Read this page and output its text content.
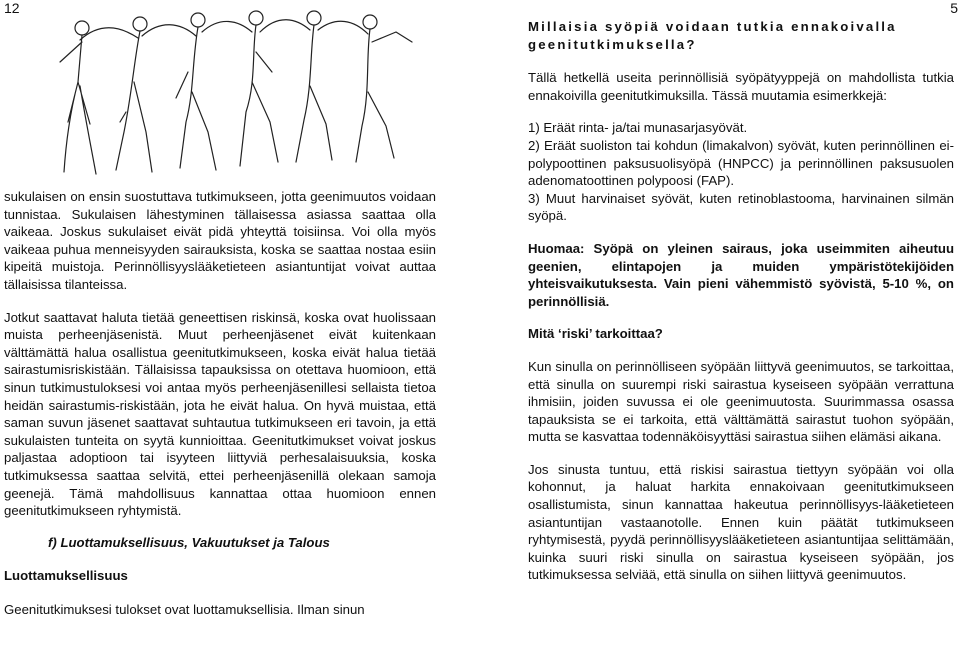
12

sukulaisen on ensin suostuttava tutkimukseen, jotta geenimuutos voidaan tunnistaa. Sukulaisen lähestyminen tällaisessa asiassa saattaa olla vaikeaa. Joskus sukulaiset eivät pidä yhteyttä toisiinsa. Voi olla myös vaikeaa puhua menneisyyden sairauksista, koska se saattaa nostaa esiin kipeitä muistoja. Perinnöllisyyslääketieteen asiantuntijat voivat auttaa tällaisissa tilanteissa.

Jotkut saattavat haluta tietää geneettisen riskinsä, koska ovat huolissaan muista perheenjäsenistä. Muut perheenjäsenet eivät kuitenkaan välttämättä halua osallistua geenitutkimukseen, koska eivät halua tietää sairastumisriskistään. Tällaisissa tapauksissa on otettava huomioon, että sinun tutkimustuloksesi voi antaa myös perheenjäsenillesi sellaista tietoa heidän sairastumis-riskistään, jota he eivät halua. On hyvä muistaa, että saman suvun jäsenet saattavat suhtautua tutkimukseen eri tavoin, ja että sukulaisten tunteita on syytä kunnioittaa. Geenitutkimukset voivat joskus paljastaa adoptioon tai isyyteen liittyviä perhesalaisuuksia, koska tutkimuksessa saattaa selvitä, ettei perheenjäsenillä olekaan samoja geenejä. Tämä mahdollisuus kannattaa ottaa huomioon ennen geenitutkimukseen ryhtymistä.

f) Luottamuksellisuus, Vakuutukset ja Talous
Luottamuksellisuus
Geenitutkimuksesi tulokset ovat luottamuksellisia. Ilman sinun
5
Millaisia syöpiä voidaan tutkia ennakoivalla geenitutkimuksella?

Tällä hetkellä useita perinnöllisiä syöpätyyppejä on mahdollista tutkia ennakoivilla geenitutkimuksilla. Tässä muutamia esimerkkejä:

1) Eräät rinta- ja/tai munasarjasyövät.
2) Eräät suoliston tai kohdun (limakalvon) syövät, kuten perinnöllinen ei-polypoottinen paksusuolisyöpä (HNPCC) ja perinnöllinen paksusuolen adenomatoottinen polypoosi (FAP).
3) Muut harvinaiset syövät, kuten retinoblastooma, harvinainen silmän syöpä.

Huomaa: Syöpä on yleinen sairaus, joka useimmiten aiheutuu geenien, elintapojen ja muiden ympäristötekijöiden yhteisvaikutuksesta. Vain pieni vähemmistö syövistä, 5-10 %, on perinnöllisiä.

Mitä ‘riski’ tarkoittaa?

Kun sinulla on perinnölliseen syöpään liittyvä geenimuutos, se tarkoittaa, että sinulla on suurempi riski sairastua kyseiseen syöpään verrattuna ihmisiin, joiden suvussa ei ole geenimuutosta. Suurimmassa osassa tapauksista se ei tarkoita, että välttämättä sairastut tuohon syöpään, mutta se kasvattaa todennäköisyyttäsi sairastua siihen elämäsi aikana.

Jos sinusta tuntuu, että riskisi sairastua tiettyyn syöpään voi olla kohonnut, ja haluat harkita ennakoivaan geenitutkimukseen osallistumista, sinun kannattaa hakeutua perinnöllisyys-lääketieteen asiantuntijan vastaanotolle. Ennen kuin päätät tutkimukseen ryhtymisestä, pyydä perinnöllisyyslääketieteen asiantuntijaa selittämään, kuinka suuri riski sinulla on sairastua kyseiseen syöpään, jos tutkimuksessa selviää, että sinulla on siihen liittyvä geenimuutos.
